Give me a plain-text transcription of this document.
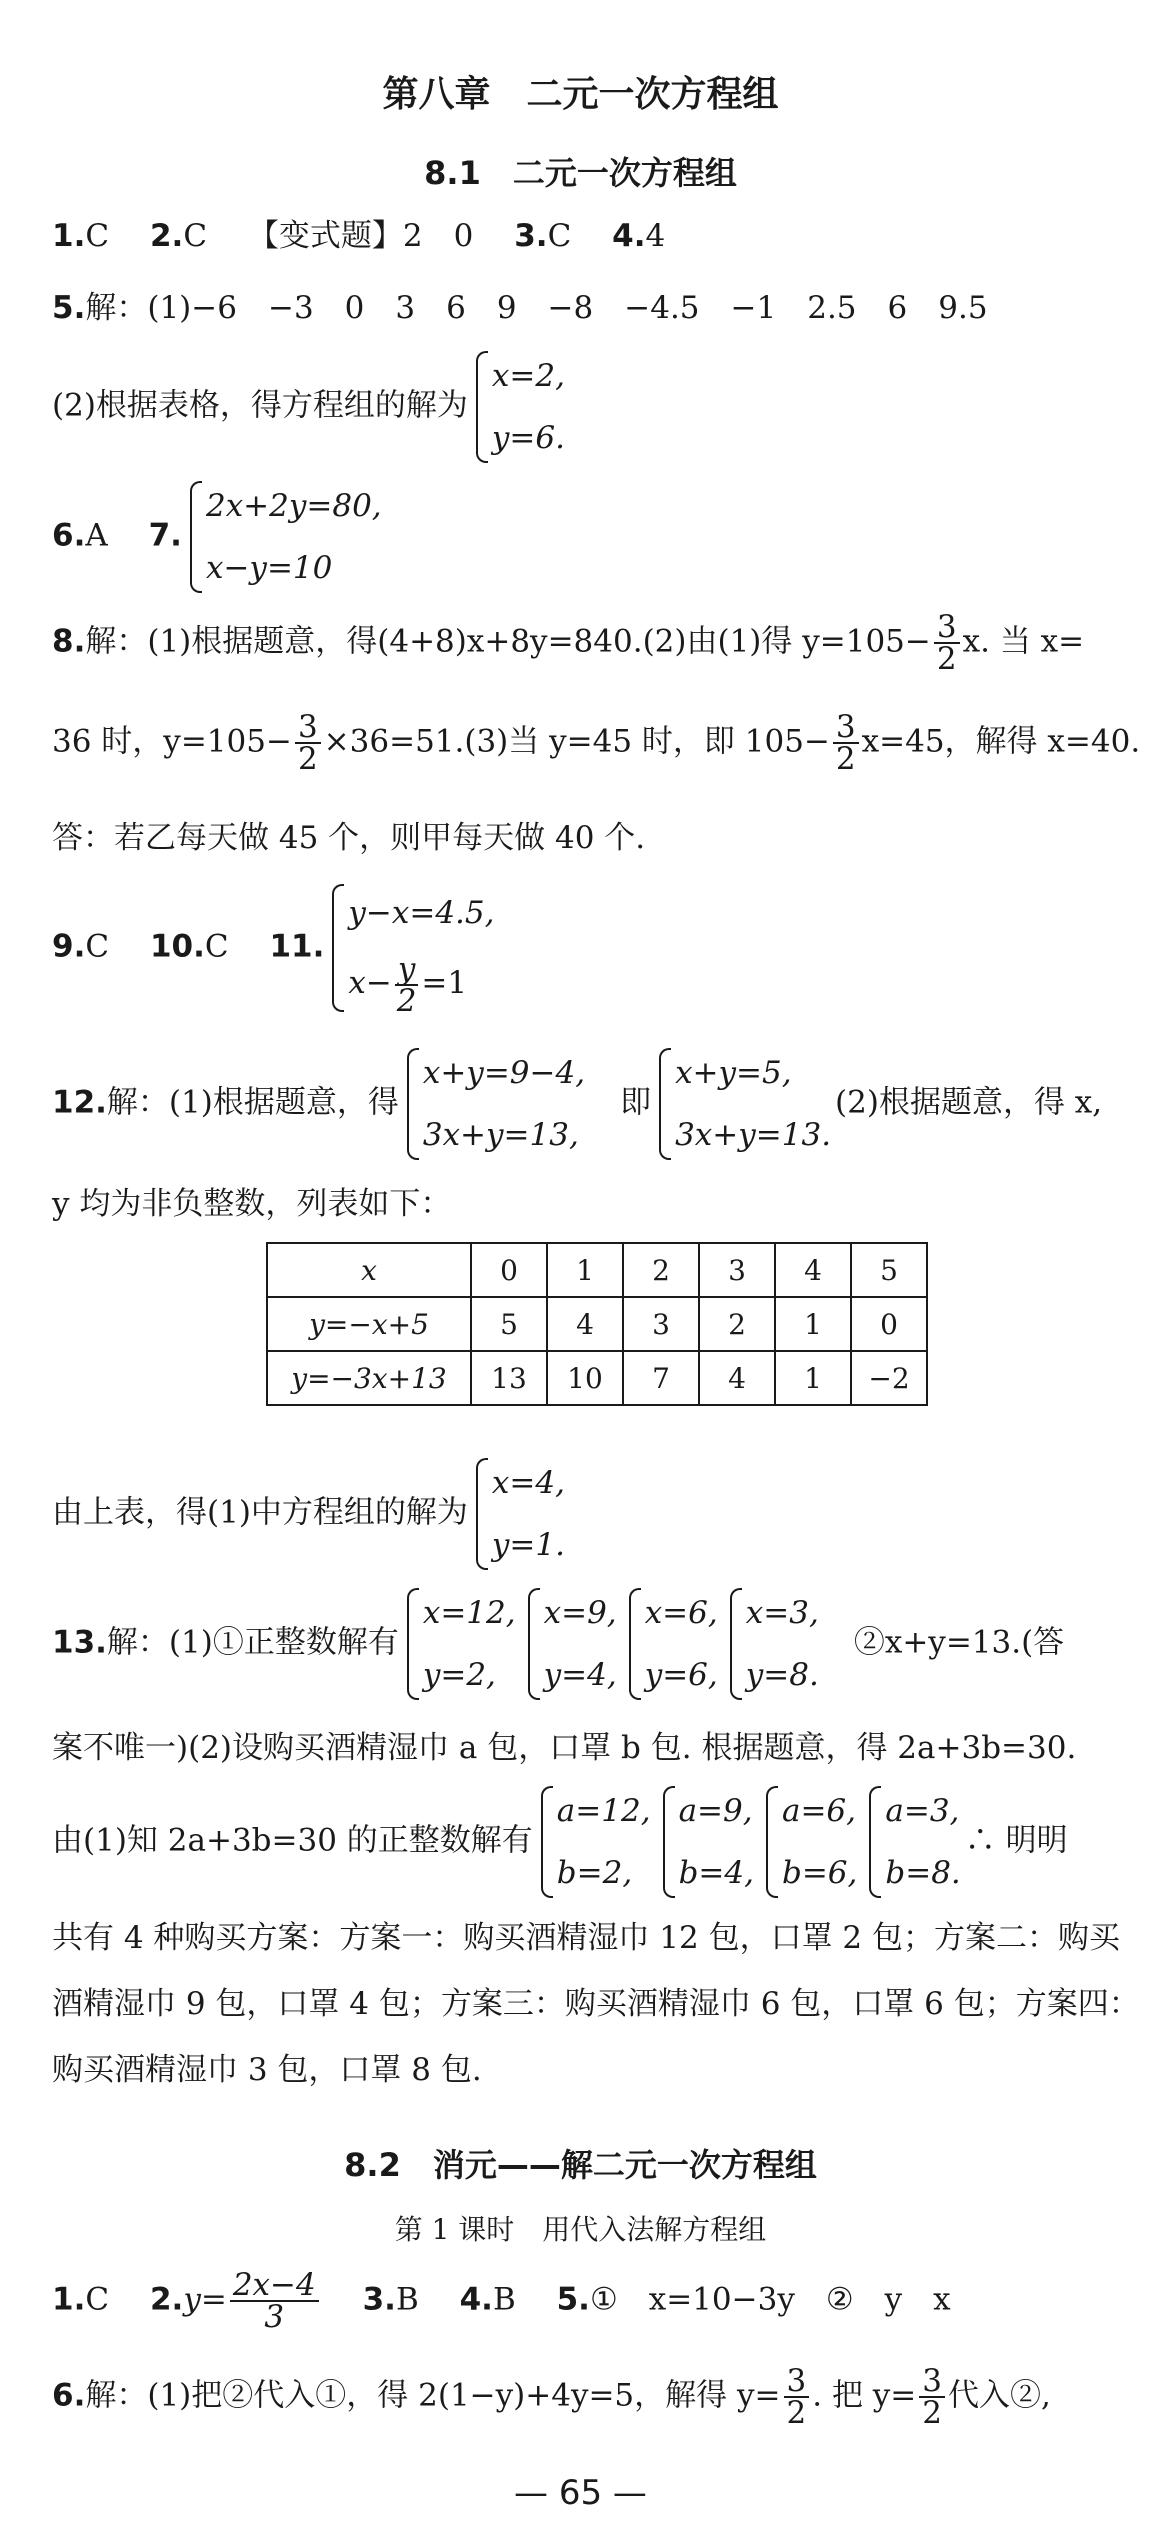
第八章　二元一次方程组
8.1　二元一次方程组
1.C　 2.C　 【变式题】2　0　 3.C　 4.4
5.解：(1)−6　−3　0　3　6　9　−8　−4.5　−1　2.5　6　9.5
(2)根据表格，得方程组的解为
x=2,
y=6.
6.A　 7.
2x+2y=80,
x−y=10
8.解：(1)根据题意，得(4+8)x+8y=840.(2)由(1)得 $y=105- \frac{3}{2} x$. 当 x=
36 时，$y=105- \frac{3}{2} \times 36=51.(3)$当 y=45 时，即 $105- \frac{3}{2} x=45$，解得 x=40.
答：若乙每天做 45 个，则甲每天做 40 个.
9.C　 10.C　 11.
y−x=4.5,
$x- \frac{y}{2} =1$
12.解：(1)根据题意，得
x+y=9−4,
3x+y=13,
　即
x+y=5,
3x+y=13.
(2)根据题意，得 x,
y 均为非负整数，列表如下：
x	0	1	2	3	4	5
y=−x+5	5	4	3	2	1	0
y=−3x+13	13	10	7	4	1	−2
由上表，得(1)中方程组的解为
x=4,
y=1.
13.解：(1)①正整数解有
x=12,
y=2,
x=9,
y=4,
x=6,
y=6,
x=3,
y=8.
　②x+y=13.(答
案不唯一)(2)设购买酒精湿巾 a 包，口罩 b 包. 根据题意，得 2a+3b=30.
由(1)知 2a+3b=30 的正整数解有
a=12,
b=2,
a=9,
b=4,
a=6,
b=6,
a=3,
b=8.
∴ 明明
共有 4 种购买方案：方案一：购买酒精湿巾 12 包，口罩 2 包；方案二：购买
酒精湿巾 9 包，口罩 4 包；方案三：购买酒精湿巾 6 包，口罩 6 包；方案四：
购买酒精湿巾 3 包，口罩 8 包.
8.2　消元——解二元一次方程组
第 1 课时　用代入法解方程组
1.C　 $2.y= \frac{2x-4}{3}$
　 3.B　 4.B　 5.①　x=10−3y　②　y　x
6.解：(1)把②代入①，得 2(1−y)+4y=5，解得 $y= \frac{3}{2}$ . 把 $y= \frac{3}{2}$ 代入②,
— 65 —
